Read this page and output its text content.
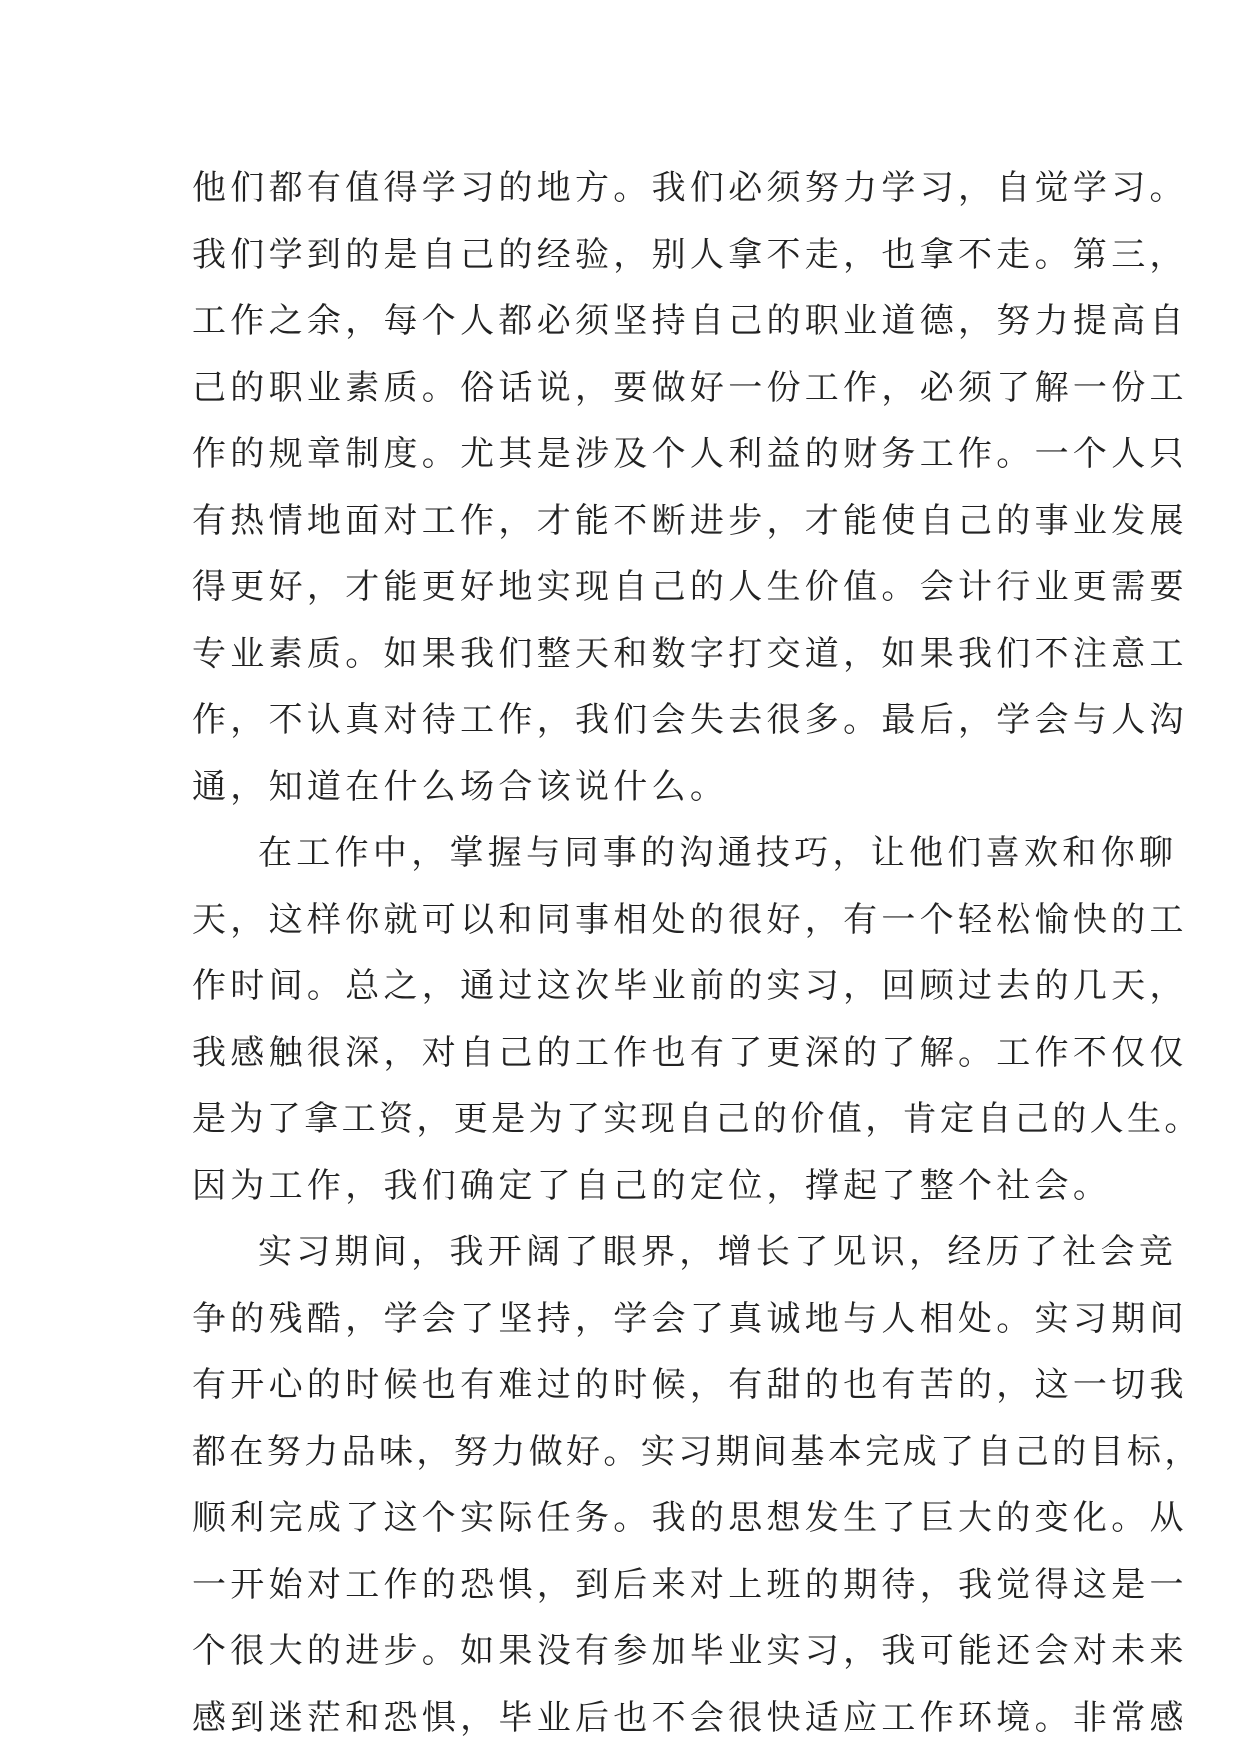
他们都有值得学习的地方。我们必须努力学习，自觉学习。
我们学到的是自己的经验，别人拿不走，也拿不走。第三，
工作之余，每个人都必须坚持自己的职业道德，努力提高自
己的职业素质。俗话说，要做好一份工作，必须了解一份工
作的规章制度。尤其是涉及个人利益的财务工作。一个人只
有热情地面对工作，才能不断进步，才能使自己的事业发展
得更好，才能更好地实现自己的人生价值。会计行业更需要
专业素质。如果我们整天和数字打交道，如果我们不注意工
作，不认真对待工作，我们会失去很多。最后，学会与人沟
通，知道在什么场合该说什么。
在工作中，掌握与同事的沟通技巧，让他们喜欢和你聊
天，这样你就可以和同事相处的很好，有一个轻松愉快的工
作时间。总之，通过这次毕业前的实习，回顾过去的几天，
我感触很深，对自己的工作也有了更深的了解。工作不仅仅
是为了拿工资，更是为了实现自己的价值，肯定自己的人生。
因为工作，我们确定了自己的定位，撑起了整个社会。
实习期间，我开阔了眼界，增长了见识，经历了社会竞
争的残酷，学会了坚持，学会了真诚地与人相处。实习期间
有开心的时候也有难过的时候，有甜的也有苦的，这一切我
都在努力品味，努力做好。实习期间基本完成了自己的目标，
顺利完成了这个实际任务。我的思想发生了巨大的变化。从
一开始对工作的恐惧，到后来对上班的期待，我觉得这是一
个很大的进步。如果没有参加毕业实习，我可能还会对未来
感到迷茫和恐惧，毕业后也不会很快适应工作环境。非常感
